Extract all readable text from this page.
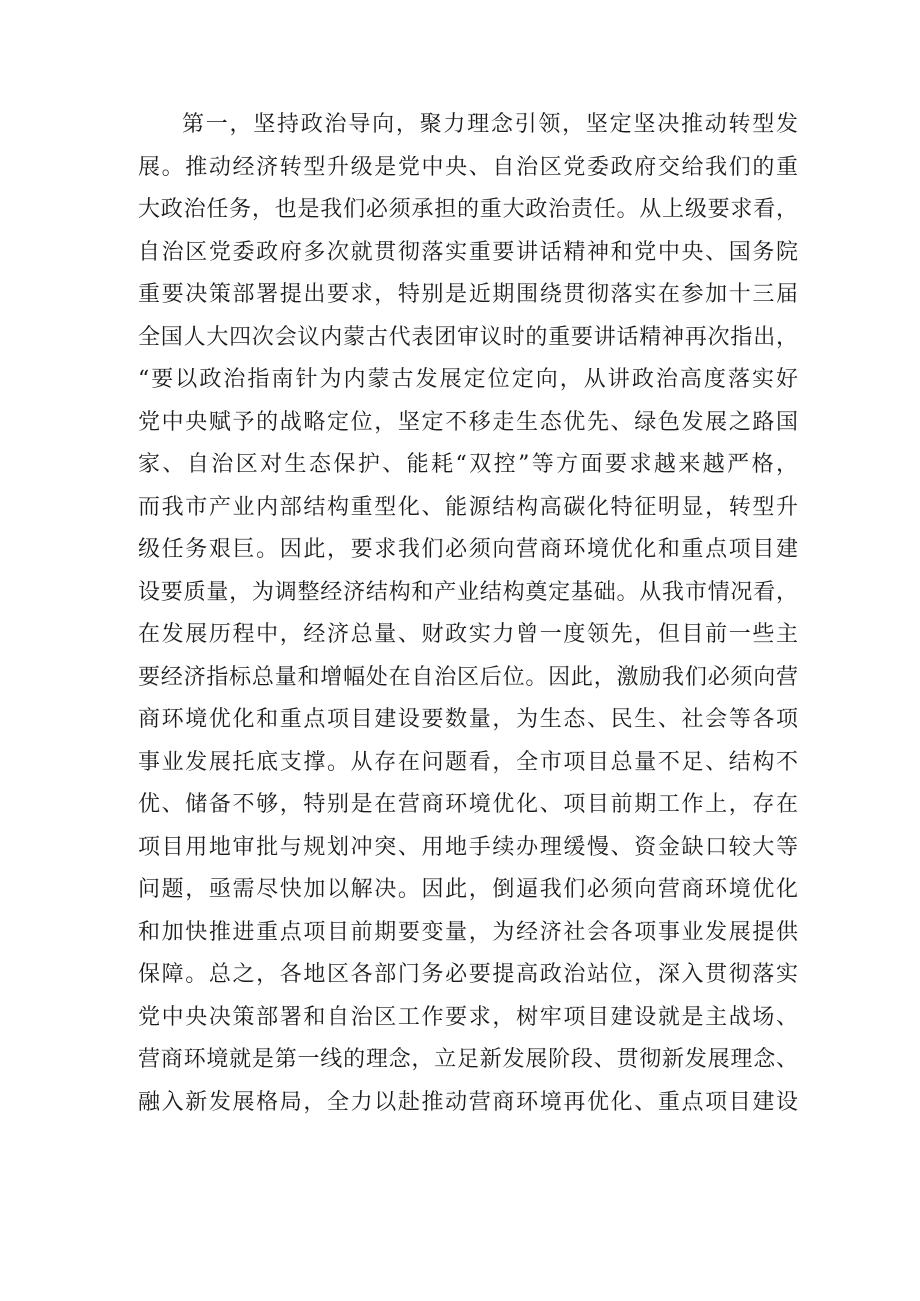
第一，坚持政治导向，聚力理念引领，坚定坚决推动转型发
展。推动经济转型升级是党中央、自治区党委政府交给我们的重
大政治任务，也是我们必须承担的重大政治责任。从上级要求看，
自治区党委政府多次就贯彻落实重要讲话精神和党中央、国务院
重要决策部署提出要求，特别是近期围绕贯彻落实在参加十三届
全国人大四次会议内蒙古代表团审议时的重要讲话精神再次指出，
“要以政治指南针为内蒙古发展定位定向，从讲政治高度落实好
党中央赋予的战略定位，坚定不移走生态优先、绿色发展之路国
家、自治区对生态保护、能耗“双控”等方面要求越来越严格，
而我市产业内部结构重型化、能源结构高碳化特征明显，转型升
级任务艰巨。因此，要求我们必须向营商环境优化和重点项目建
设要质量，为调整经济结构和产业结构奠定基础。从我市情况看，
在发展历程中，经济总量、财政实力曾一度领先，但目前一些主
要经济指标总量和增幅处在自治区后位。因此，激励我们必须向营
商环境优化和重点项目建设要数量，为生态、民生、社会等各项
事业发展托底支撑。从存在问题看，全市项目总量不足、结构不
优、储备不够，特别是在营商环境优化、项目前期工作上，存在
项目用地审批与规划冲突、用地手续办理缓慢、资金缺口较大等
问题，亟需尽快加以解决。因此，倒逼我们必须向营商环境优化
和加快推进重点项目前期要变量，为经济社会各项事业发展提供
保障。总之，各地区各部门务必要提高政治站位，深入贯彻落实
党中央决策部署和自治区工作要求，树牢项目建设就是主战场、
营商环境就是第一线的理念，立足新发展阶段、贯彻新发展理念、
融入新发展格局，全力以赴推动营商环境再优化、重点项目建设
